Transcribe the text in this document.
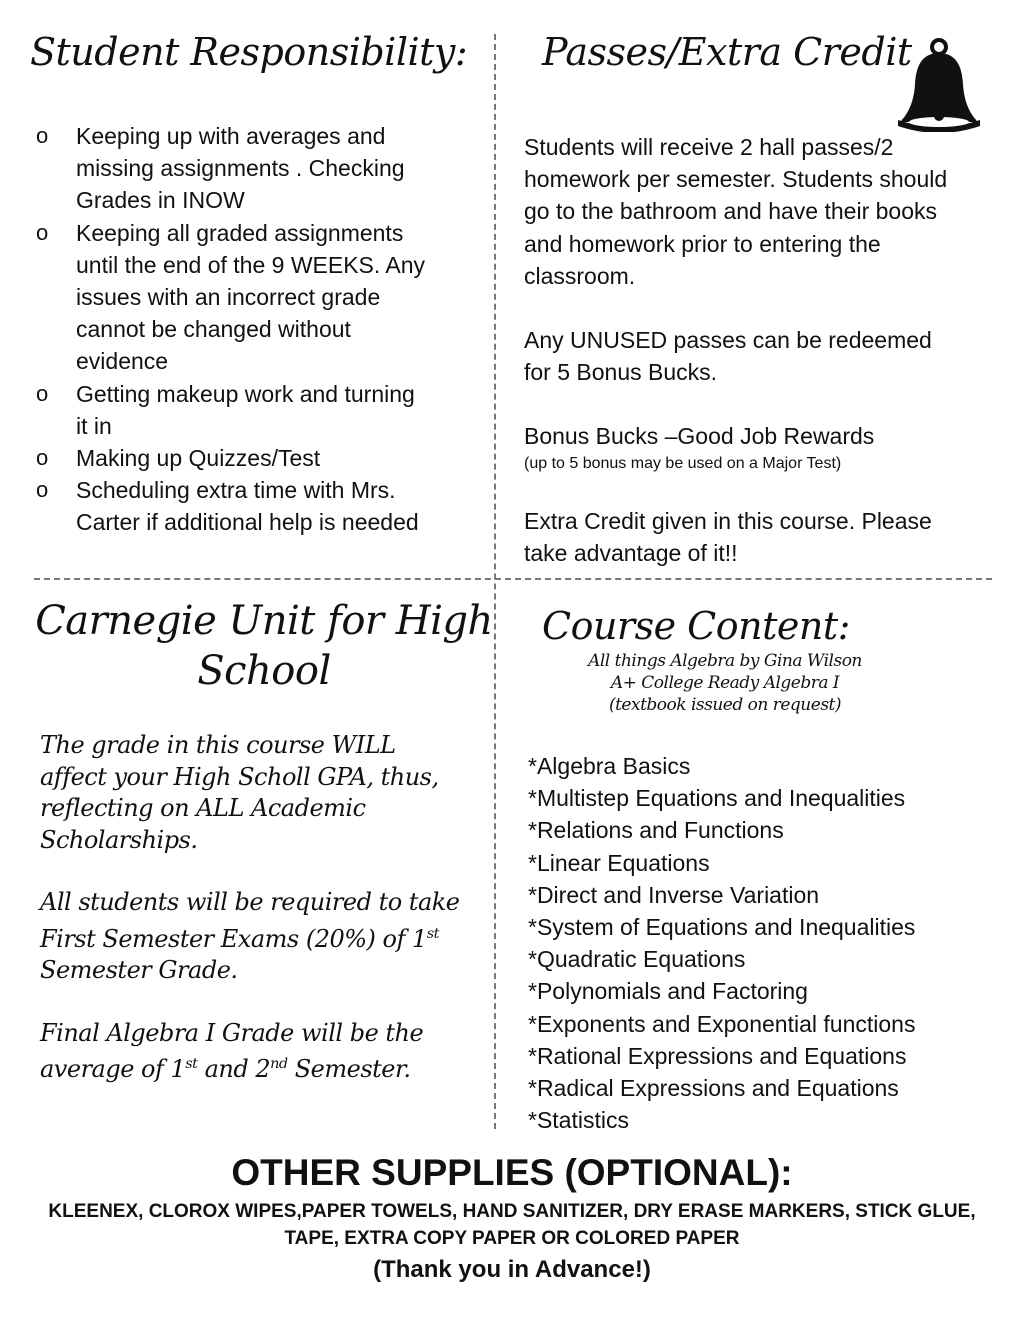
Student Responsibility:
o Keeping up with averages and missing assignments . Checking Grades in INOW
o Keeping all graded assignments until the end of the 9 WEEKS. Any issues with an incorrect grade cannot be changed without evidence
o Getting makeup work and turning it in
o Making up Quizzes/Test
o Scheduling extra time with Mrs. Carter if additional help is needed
Passes/Extra Credit

Students will receive 2 hall passes/2 homework per semester. Students should go to the bathroom and have their books and homework prior to entering the classroom.

Any UNUSED passes can be redeemed for 5 Bonus Bucks.

Bonus Bucks –Good Job Rewards

(up to 5 bonus may be used on a Major Test)

Extra Credit given in this course. Please take advantage of it!!

Carnegie Unit for High
School

The grade in this course WILL affect your High Scholl GPA, thus, reflecting on ALL Academic Scholarships.

All students will be required to take First Semester Exams (20%) of 1st Semester Grade.

Final Algebra I Grade will be the average of 1st and 2nd Semester.

Course Content:
All things Algebra by Gina Wilson
A+ College Ready Algebra I
(textbook issued on request)
*Algebra Basics
*Multistep Equations and Inequalities
*Relations and Functions
*Linear Equations
*Direct and Inverse Variation
*System of Equations and Inequalities
*Quadratic Equations
*Polynomials and Factoring
*Exponents and Exponential functions
*Rational Expressions and Equations
*Radical Expressions and Equations
*Statistics
OTHER SUPPLIES (OPTIONAL):
KLEENEX, CLOROX WIPES,PAPER TOWELS, HAND SANITIZER, DRY ERASE MARKERS, STICK GLUE,
TAPE, EXTRA COPY PAPER OR COLORED PAPER
(Thank you in Advance!)
